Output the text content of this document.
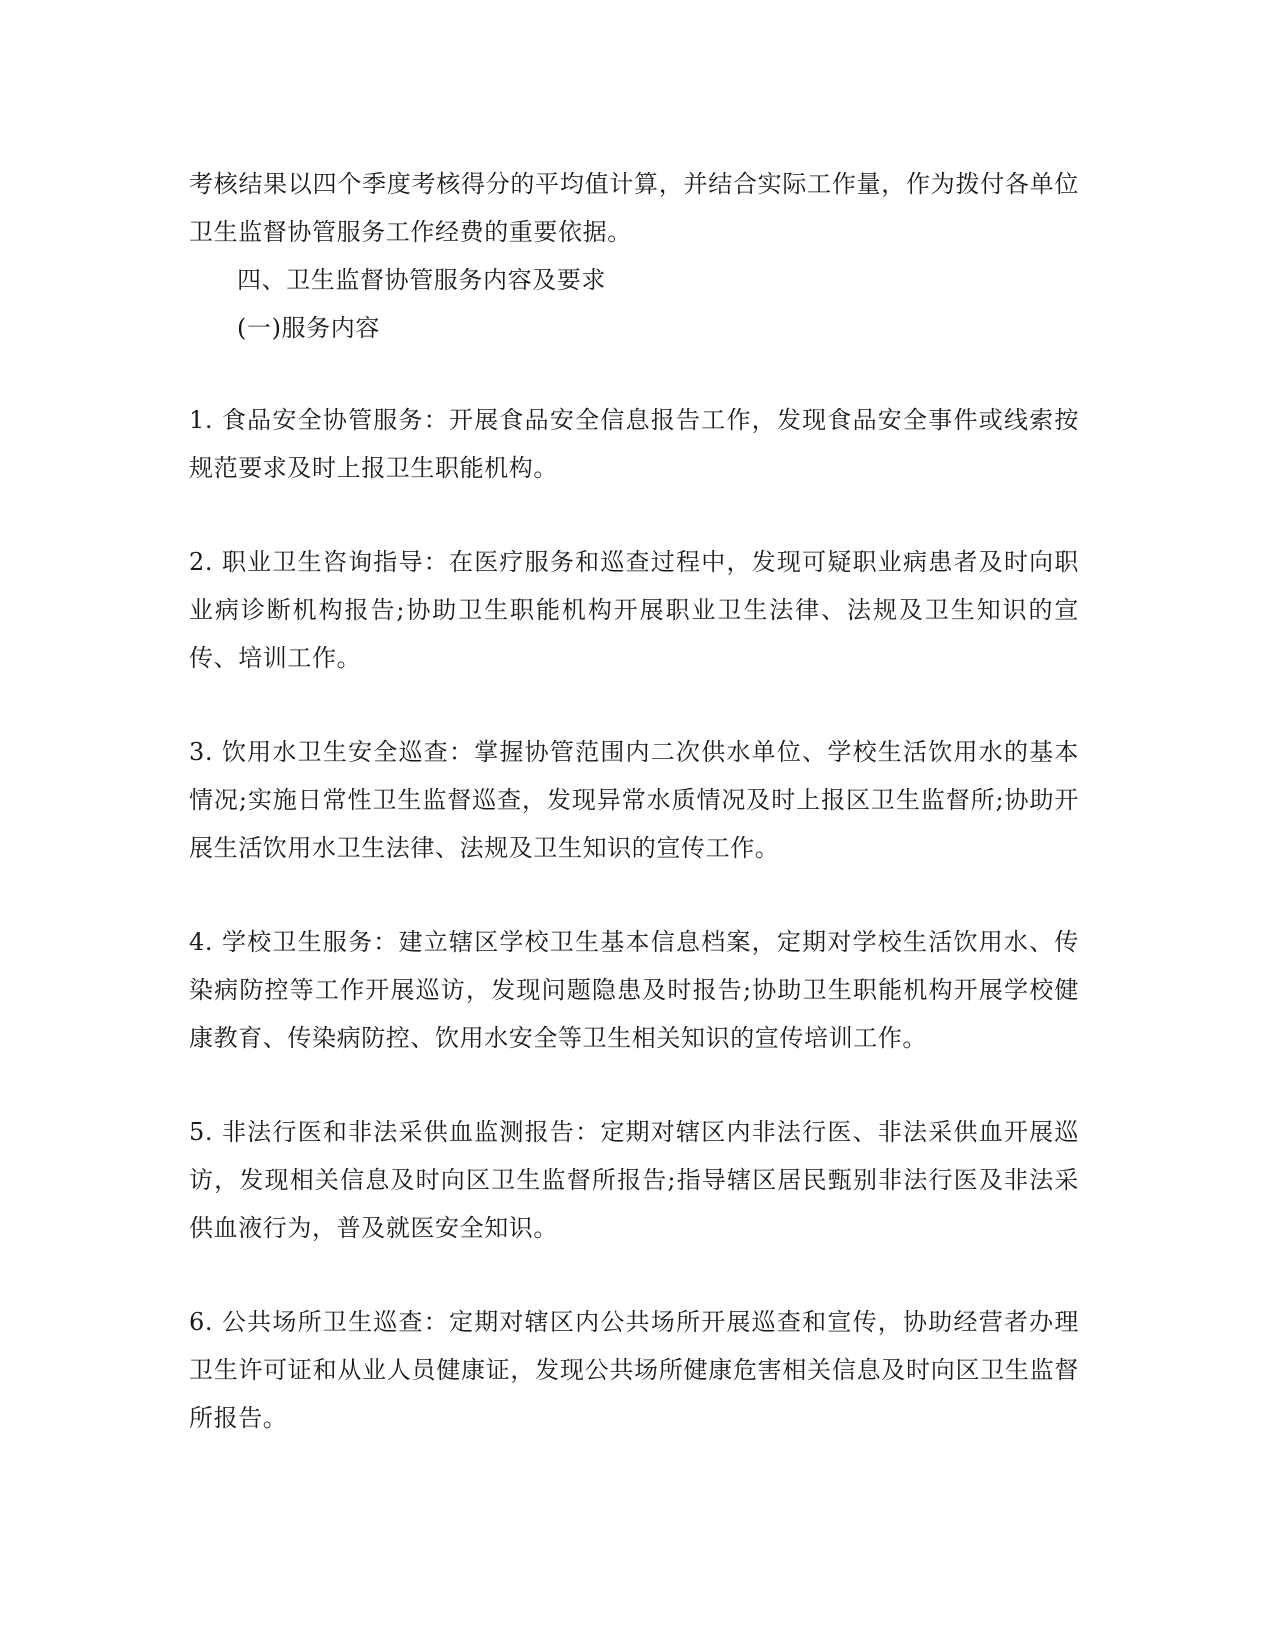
考核结果以四个季度考核得分的平均值计算，并结合实际工作量，作为拨付各单位卫生监督协管服务工作经费的重要依据。

四、卫生监督协管服务内容及要求

(一)服务内容

1. 食品安全协管服务：开展食品安全信息报告工作，发现食品安全事件或线索按规范要求及时上报卫生职能机构。

2. 职业卫生咨询指导：在医疗服务和巡查过程中，发现可疑职业病患者及时向职业病诊断机构报告;协助卫生职能机构开展职业卫生法律、法规及卫生知识的宣传、培训工作。

3. 饮用水卫生安全巡查：掌握协管范围内二次供水单位、学校生活饮用水的基本情况;实施日常性卫生监督巡查，发现异常水质情况及时上报区卫生监督所;协助开展生活饮用水卫生法律、法规及卫生知识的宣传工作。

4. 学校卫生服务：建立辖区学校卫生基本信息档案，定期对学校生活饮用水、传染病防控等工作开展巡访，发现问题隐患及时报告;协助卫生职能机构开展学校健康教育、传染病防控、饮用水安全等卫生相关知识的宣传培训工作。

5. 非法行医和非法采供血监测报告：定期对辖区内非法行医、非法采供血开展巡访，发现相关信息及时向区卫生监督所报告;指导辖区居民甄别非法行医及非法采供血液行为，普及就医安全知识。

6. 公共场所卫生巡查：定期对辖区内公共场所开展巡查和宣传，协助经营者办理卫生许可证和从业人员健康证，发现公共场所健康危害相关信息及时向区卫生监督所报告。
